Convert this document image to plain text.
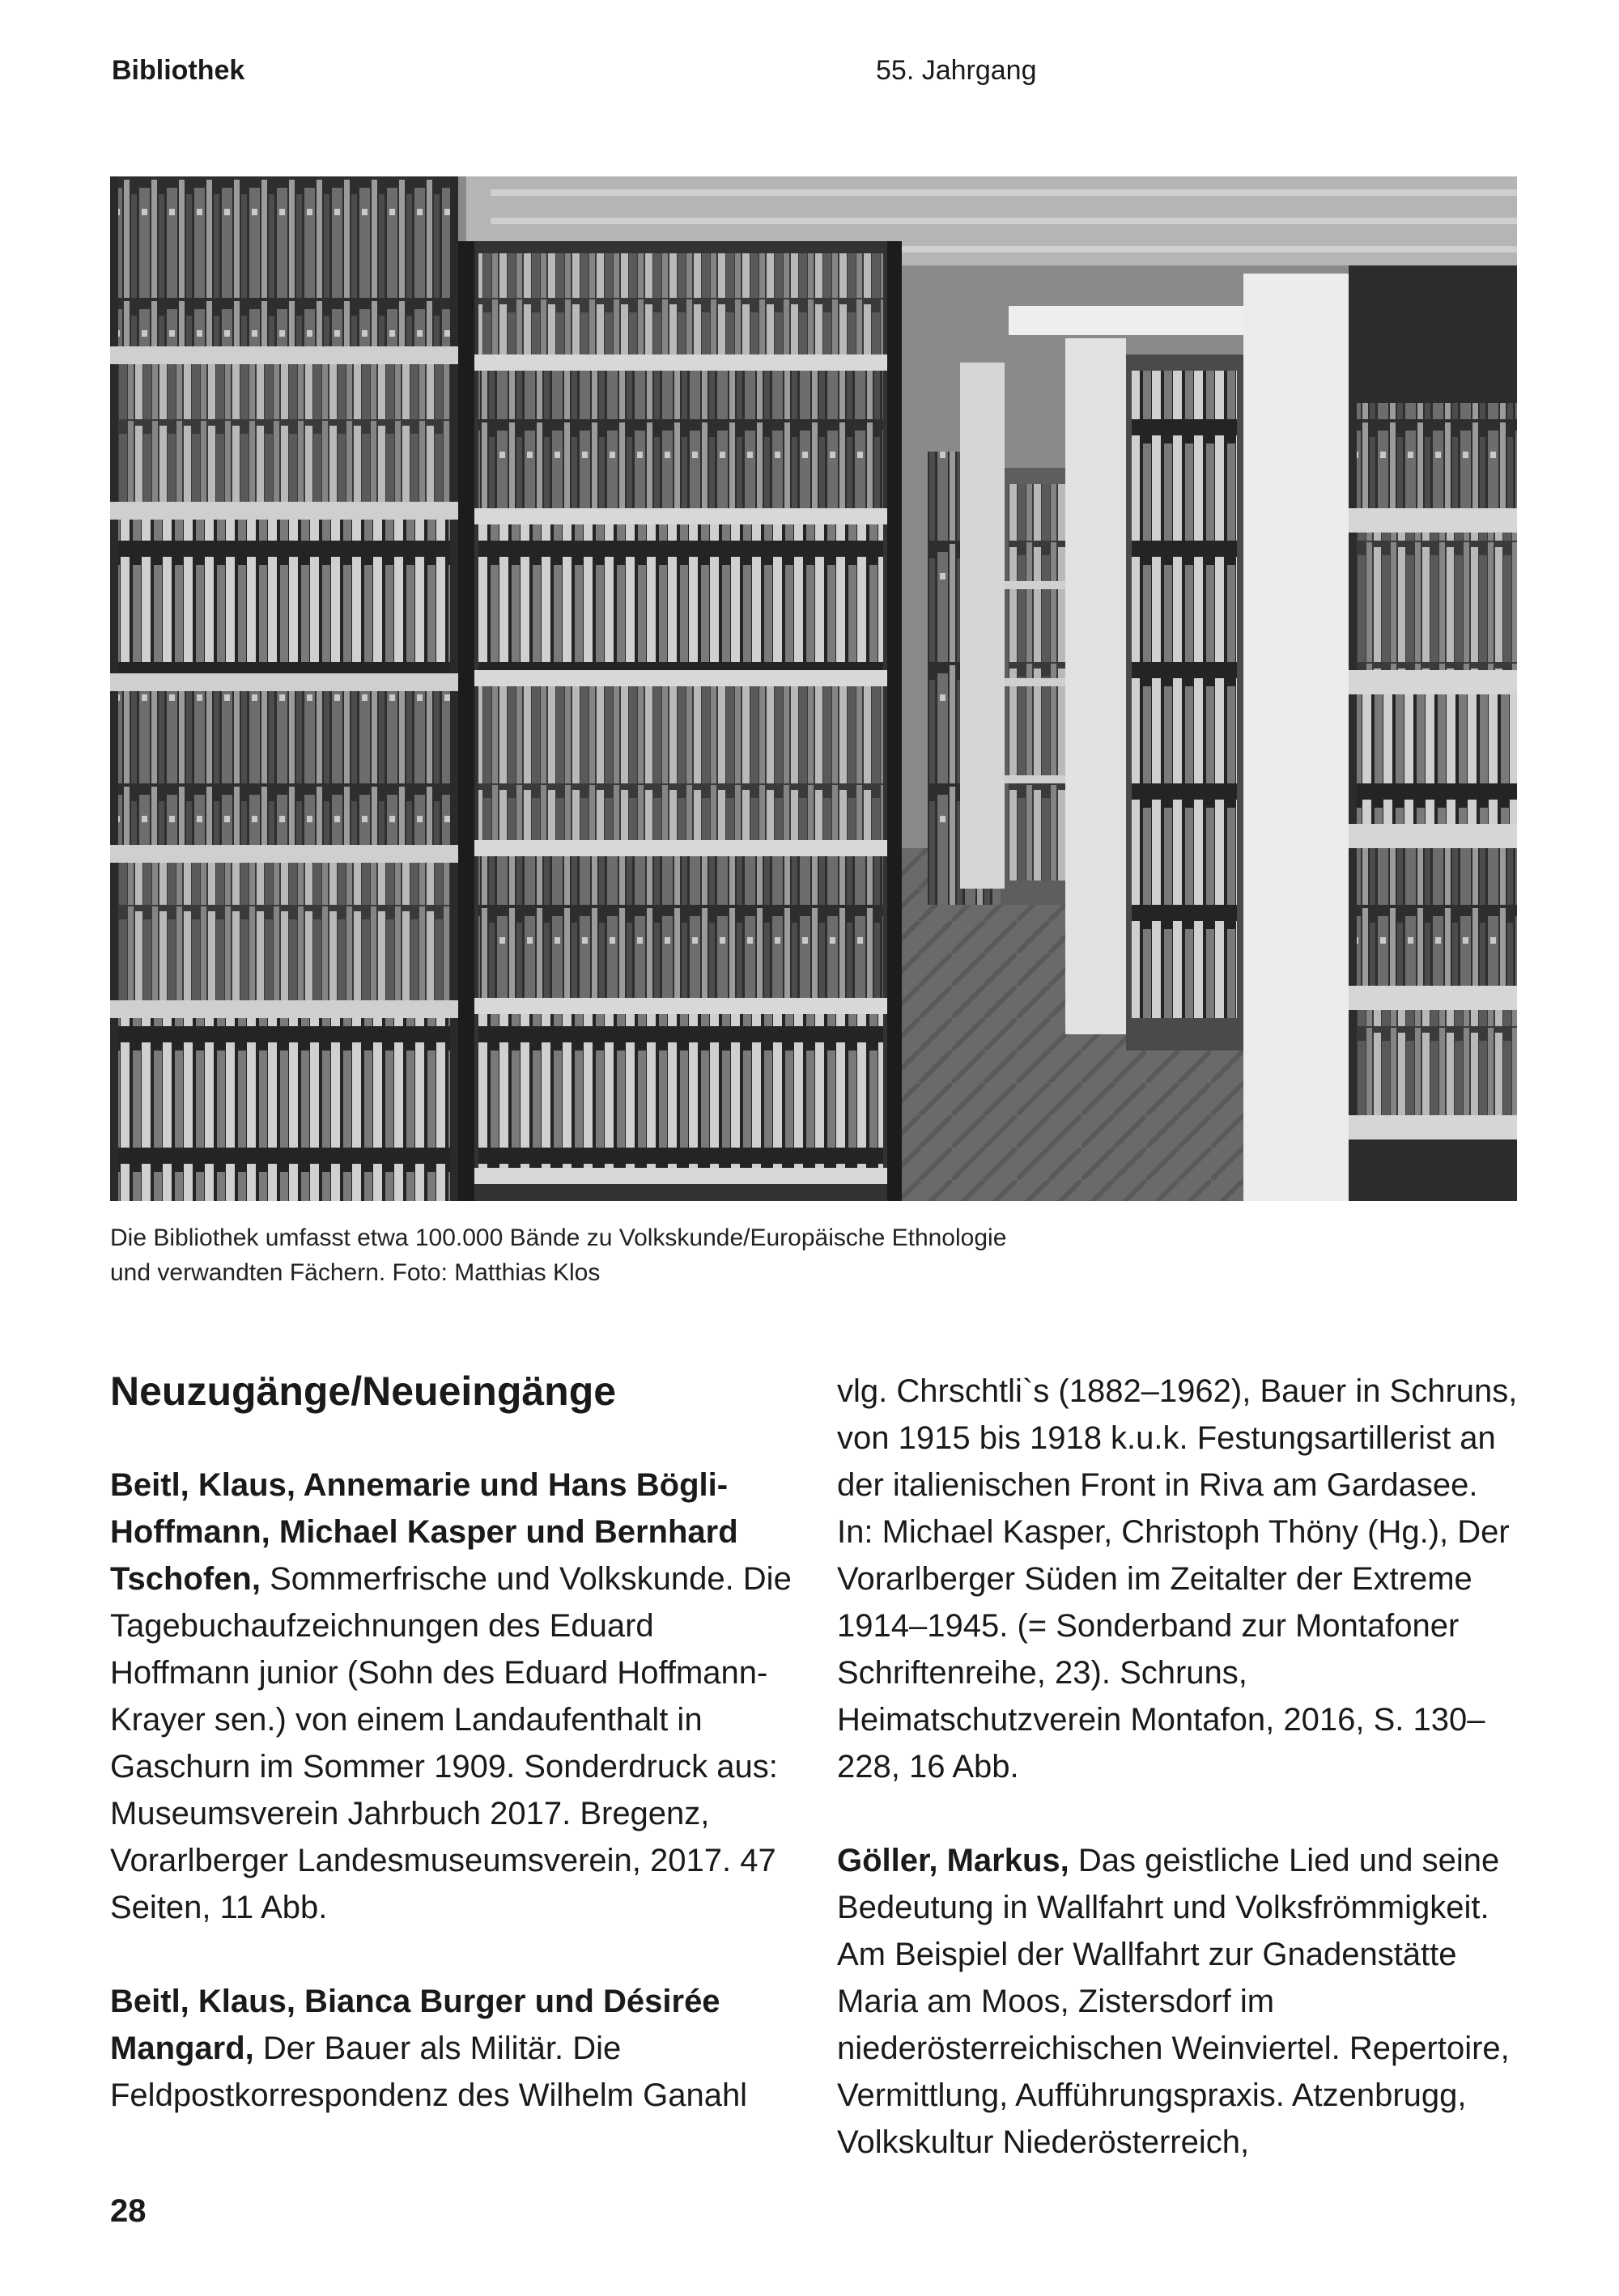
Bibliothek	55. Jahrgang
Die Bibliothek umfasst etwa 100.000 Bände zu Volkskunde/Europäische Ethnologie
und verwandten Fächern. Foto: Matthias Klos
Neuzugänge/Neueingänge
Beitl, Klaus, Annemarie und Hans Bögli-Hoffmann, Michael Kasper und Bernhard Tschofen, Sommerfrische und Volkskunde. Die Tagebuchaufzeichnungen des Eduard Hoffmann junior (Sohn des Eduard Hoffmann-Krayer sen.) von einem Landaufenthalt in Gaschurn im Sommer 1909. Sonderdruck aus: Museumsverein Jahrbuch 2017. Bregenz, Vorarlberger Landesmuseumsverein, 2017. 47 Seiten, 11 Abb.
Beitl, Klaus, Bianca Burger und Désirée Mangard, Der Bauer als Militär. Die Feldpostkorrespondenz des Wilhelm Ganahl
vlg. Chrschtli`s (1882–1962), Bauer in Schruns, von 1915 bis 1918 k.u.k. Festungsartillerist an der italienischen Front in Riva am Gardasee. In: Michael Kasper, Christoph Thöny (Hg.), Der Vorarlberger Süden im Zeitalter der Extreme 1914–1945. (= Sonderband zur Montafoner Schriftenreihe, 23). Schruns, Heimatschutzverein Montafon, 2016, S. 130–228, 16 Abb.
Göller, Markus, Das geistliche Lied und seine Bedeutung in Wallfahrt und Volksfrömmigkeit. Am Beispiel der Wallfahrt zur Gnadenstätte Maria am Moos, Zistersdorf im niederösterreichischen Weinviertel. Repertoire, Vermittlung, Aufführungspraxis. Atzenbrugg, Volkskultur Niederösterreich,
28
